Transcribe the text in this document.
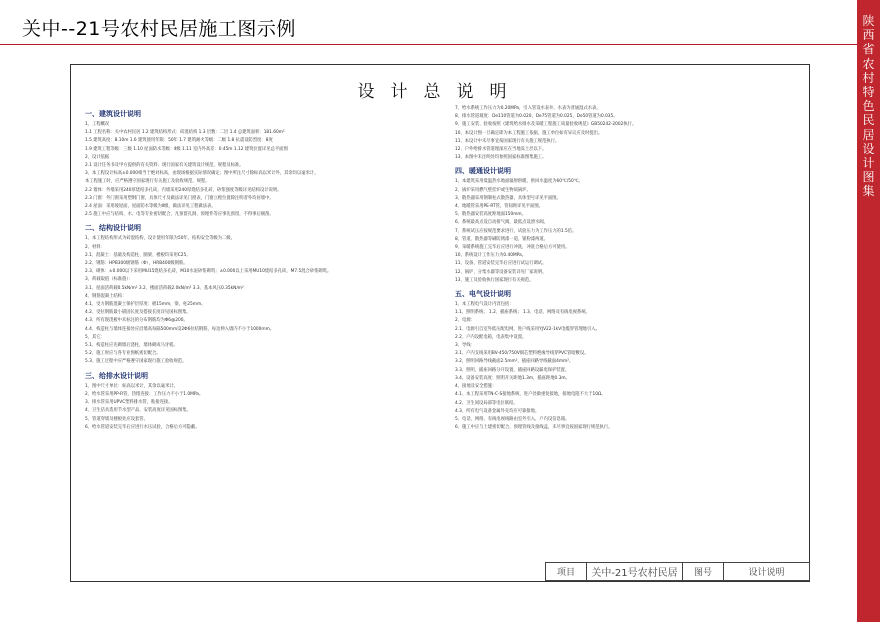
关中--21号农村民居施工图示例	陕西省农村特色民居设计图集
设计总说明
一、建筑设计说明
1、工程概况
1.1 工程名称：关中农村民居 1.2 建筑结构形式：砖混结构 1.3 层数：二层 1.4 总建筑面积：181.60m²
1.5 建筑高度：8.10m 1.6 建筑使用年限：50年 1.7 建筑耐火等级：二级 1.8 抗震设防烈度：8度
1.9 建筑工程等级：三级 1.10 屋面防水等级：Ⅱ级 1.11 室内外高差：0.45m 1.12 建筑位置详见总平面图
2、设计依据
2.1 设计任务书及甲方提供的有关资料；现行国家有关建筑设计规范、规程及标准。
3、本工程设计标高±0.000相当于绝对标高，由现场根据实际情况确定；图中所注尺寸除标高以米计外，其余均以毫米计。
本工程施工时，应严格遵守国家现行有关施工及验收规范、规程。
2.2 墙体：外墙采用240厚烧结多孔砖，内墙采用240厚烧结多孔砖，砂浆强度等级详见结构设计说明。
2.3 门窗：外门窗采用塑钢门窗，具体尺寸及做法详见门窗表，门窗立樘位置除注明者外均居墙中。
2.4 屋面：采用坡屋面，屋面防水等级为Ⅱ级，做法详见工程做法表。
2.5 施工中应与结构、水、电等专业密切配合，凡预留孔洞、预埋件等应事先预留，不得事后剔凿。
二、结构设计说明
1、本工程结构形式为砖混结构，设计使用年限为50年，结构安全等级为二级。
2、材料：
2.1、混凝土：基础及构造柱、圈梁、楼板均采用C25。
2.2、钢筋：HPB300级钢筋（Φ），HRB400级钢筋。
2.3、砌体：±0.000以下采用MU15烧结多孔砖，M10水泥砂浆砌筑；±0.000以上采用MU10烧结多孔砖，M7.5混合砂浆砌筑。
3、荷载取值（标准值）：
3.1、屋面活荷载0.5kN/m² 3.2、楼面活荷载2.0kN/m² 3.3、基本风压0.35kN/m²
4、钢筋混凝土结构：
4.1、受力钢筋混凝土保护层厚度：板15mm，梁、柱25mm。
4.2、受拉钢筋最小锚固长度及搭接长度详见国标图集。
4.3、所有现浇板中未标注的分布钢筋均为Φ6@200。
4.4、构造柱与墙体连接处应沿墙高每隔500mm设2Φ6拉结钢筋，每边伸入墙内不小于1000mm。
5、其它：
5.1、构造柱应先砌墙后浇柱，墙体砌成马牙槎。
5.2、施工时应与各专业图纸密切配合。
5.3、施工过程中应严格遵守国家现行施工验收规范。
三、给排水设计说明
1、图中尺寸单位：标高以米计，其余以毫米计。
2、给水管采用PP-R管，热熔连接；工作压力不小于1.0MPa。
3、排水管采用UPVC塑料排水管，粘接连接。
4、卫生洁具选用节水型产品，安装高度详见国标图集。
5、管道穿墙及楼板处应设套管。
6、给水管道安装完毕后应进行水压试验，合格后方可隐蔽。
7、给水系统工作压力为0.20MPa，引入管设水表井，水表为普通湿式水表。
8、排水管道坡度：De110管道为0.020，De75管道为0.025，De50管道为0.035。
9、施工安装、验收按照《建筑给水排水及采暖工程施工质量验收规范》GB50242-2002执行。
10、本设计图一旦确定即为本工程施工依据，施工单位如有异议应及时提出。
11、本设计中未尽事宜按国家现行有关施工规范执行。
12、户外给排水管道埋深应在当地冻土层以下。
13、本图中未注明处均参照国家标准图集施工。
四、暖通设计说明
1、本建筑采用低温热水地面辐射供暖，供回水温度为60℃/50℃。
2、锅炉采用燃气壁挂炉或生物质锅炉。
3、散热器采用钢制柱式散热器，具体型号详见平面图。
4、地暖管采用PE-RT管，管间距详见平面图。
5、散热器安装高度距地面150mm。
6、系统最高点设自动排气阀，最低点设泄水阀。
7、系统试压应按规范要求进行，试验压力为工作压力的1.5倍。
8、管道、散热器等刷防锈漆一道，银粉漆两道。
9、采暖系统施工完毕后应进行冲洗，冲洗合格后方可使用。
10、系统设计工作压力为0.40MPa。
11、设备、管道安装完毕后应进行试运行调试。
12、锅炉、分集水器等设备安装详见厂家说明。
13、施工及验收执行国家现行有关规范。
五、电气设计说明
1、本工程电气设计内容包括：
1.1、照明系统； 1.2、插座系统； 1.3、电话、网络及有线电视系统。
2、电源：
2.1、电源引自室外低压配电网，进户线采用YJV22-1kV电缆穿管埋地引入。
2.2、户内设配电箱，电表集中设置。
3、导线：
3.1、户内支线采用BV-450/750V铜芯塑料绝缘导线穿PVC管暗敷设。
3.2、照明回路导线截面2.5mm²，插座回路导线截面4mm²。
3.3、照明、插座回路分开设置，插座回路设漏电保护装置。
3.4、设备安装高度：照明开关距地1.3m，插座距地0.3m。
4、接地及安全措施：
4.1、本工程采用TN-C-S接地系统，进户处做重复接地，接地电阻不大于10Ω。
4.2、卫生间设局部等电位联结。
4.3、所有电气设备金属外壳均应可靠接地。
5、电话、网络、有线电视线路由室外引入，户内设信息箱。
6、施工中应与土建密切配合，预埋管线及接线盒，未尽事宜按国家现行规范执行。
项目	关中-21号农村民居	图号	设计说明
